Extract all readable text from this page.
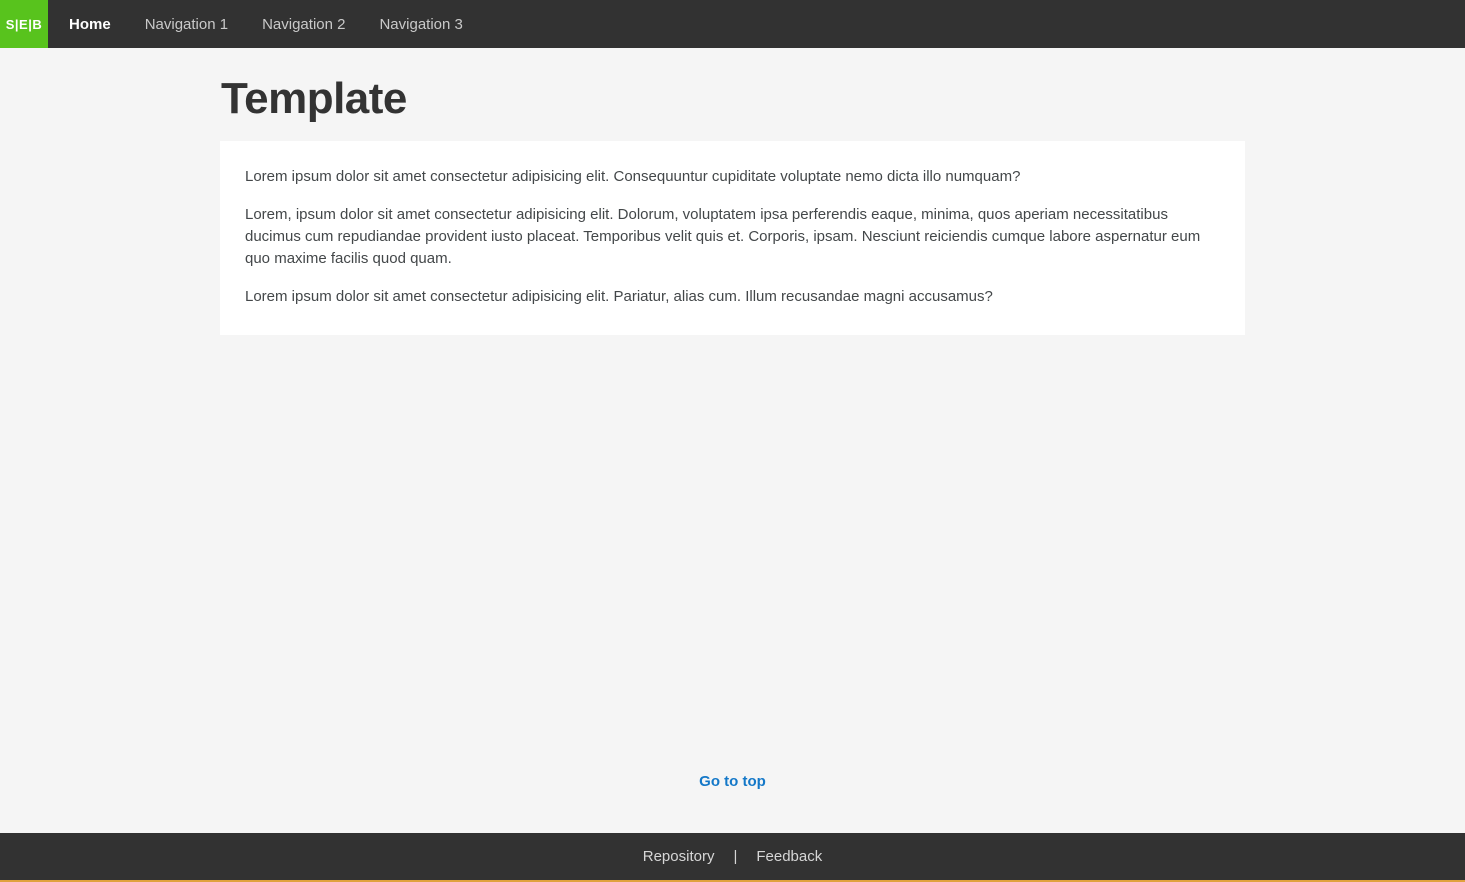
S|E|B	Home	Navigation 1	Navigation 2	Navigation 3
Template

Lorem ipsum dolor sit amet consectetur adipisicing elit. Consequuntur cupiditate voluptate nemo dicta illo numquam?

Lorem, ipsum dolor sit amet consectetur adipisicing elit. Dolorum, voluptatem ipsa perferendis eaque, minima, quos aperiam necessitatibus ducimus cum repudiandae provident iusto placeat. Temporibus velit quis et. Corporis, ipsam. Nesciunt reiciendis cumque labore aspernatur eum quo maxime facilis quod quam.

Lorem ipsum dolor sit amet consectetur adipisicing elit. Pariatur, alias cum. Illum recusandae magni accusamus?

Go to top
Repository | Feedback
